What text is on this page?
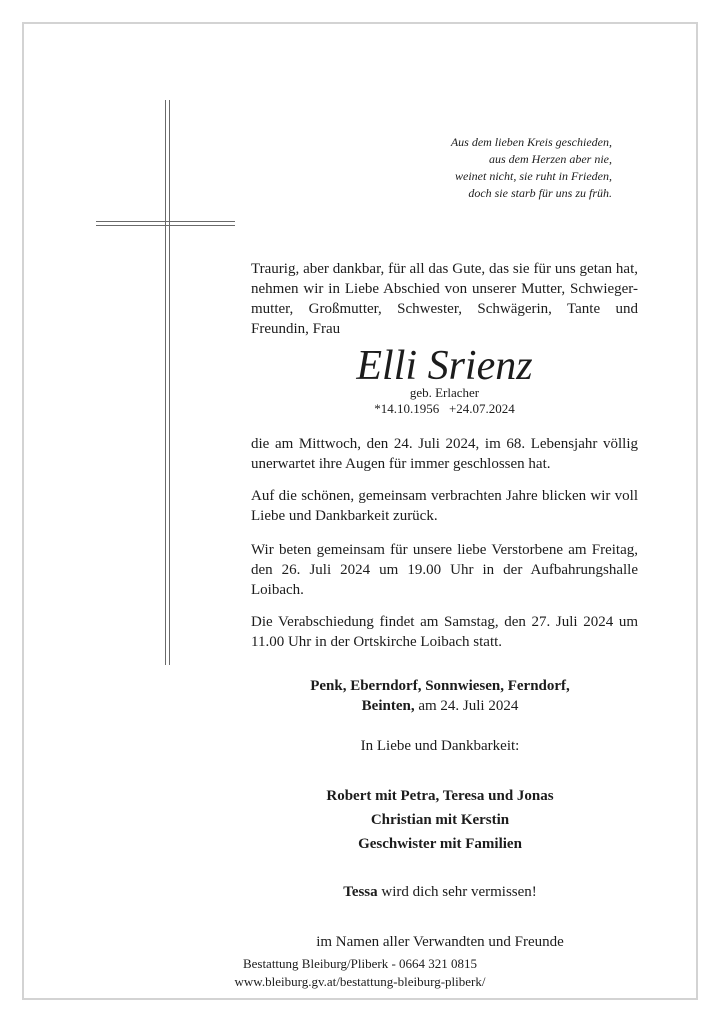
Aus dem lieben Kreis geschieden,
aus dem Herzen aber nie,
weinet nicht, sie ruht in Frieden,
doch sie starb für uns zu früh.

Traurig, aber dankbar, für all das Gute, das sie für uns getan hat, nehmen wir in Liebe Abschied von unserer Mutter, Schwieger-mutter, Großmutter, Schwester, Schwägerin, Tante und Freundin, Frau

Elli Srienz
geb. Erlacher
*14.10.1956   +24.07.2024

die am Mittwoch, den 24. Juli 2024, im 68. Lebensjahr völlig unerwartet ihre Augen für immer geschlossen hat.

Auf die schönen, gemeinsam verbrachten Jahre blicken wir voll Liebe und Dankbarkeit zurück.

Wir beten gemeinsam für unsere liebe Verstorbene am Freitag, den 26. Juli 2024 um 19.00 Uhr in der Aufbahrungshalle Loibach.

Die Verabschiedung findet am Samstag, den 27. Juli 2024 um 11.00 Uhr in der Ortskirche Loibach statt.

Penk, Eberndorf, Sonnwiesen, Ferndorf,
Beinten, am 24. Juli 2024
In Liebe und Dankbarkeit:
Robert mit Petra, Teresa und Jonas
Christian mit Kerstin
Geschwister mit Familien
Tessa wird dich sehr vermissen!
im Namen aller Verwandten und Freunde
Bestattung Bleiburg/Pliberk - 0664 321 0815
www.bleiburg.gv.at/bestattung-bleiburg-pliberk/
